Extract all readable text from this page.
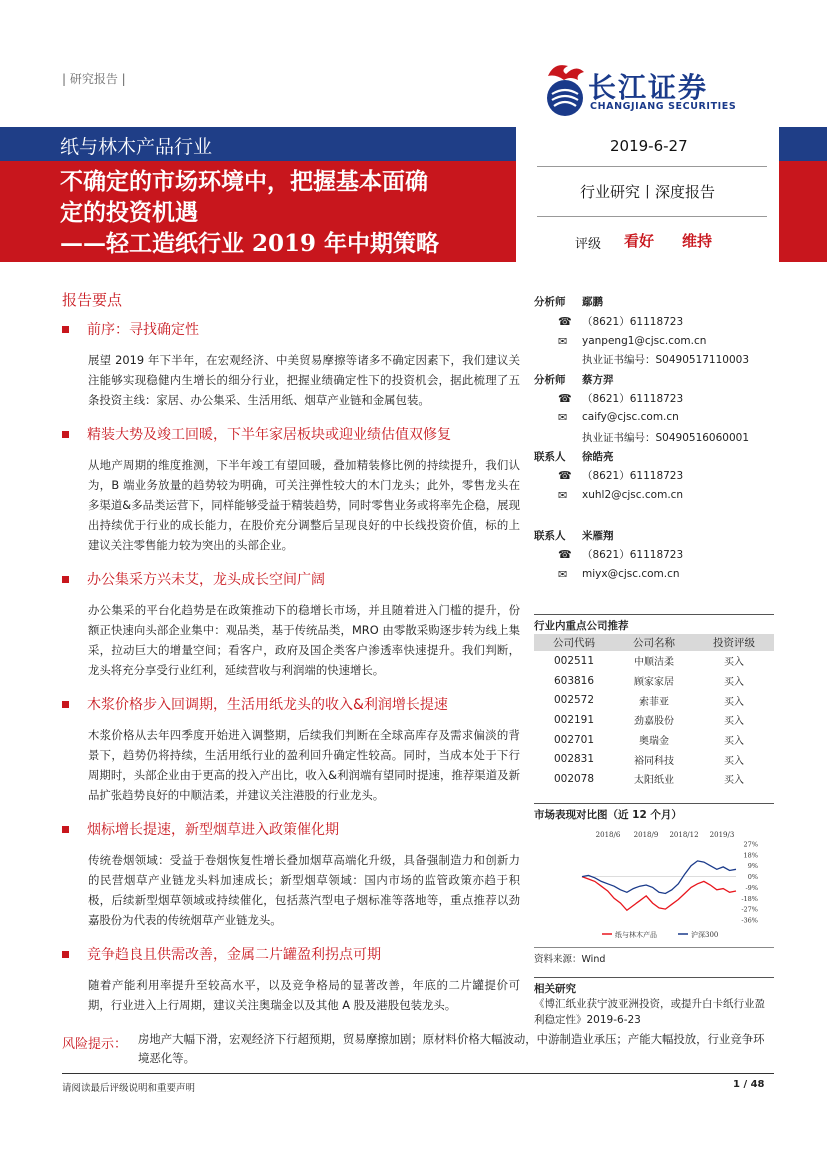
| 研究报告 |	长江证券
CHANGJIANG SECURITIES
纸与林木产品行业
不确定的市场环境中，把握基本面确
定的投资机遇
——轻工造纸行业 2019 年中期策略
2019-6-27
行业研究丨深度报告
评级 看好 维持
报告要点
前序：寻找确定性
展望 2019 年下半年，在宏观经济、中美贸易摩擦等诸多不确定因素下，我们建议关注能够实现稳健内生增长的细分行业，把握业绩确定性下的投资机会，据此梳理了五条投资主线：家居、办公集采、生活用纸、烟草产业链和金属包装。
精装大势及竣工回暖，下半年家居板块或迎业绩估值双修复
从地产周期的维度推测，下半年竣工有望回暖，叠加精装修比例的持续提升，我们认为，B 端业务放量的趋势较为明确，可关注弹性较大的木门龙头；此外，零售龙头在多渠道&多品类运营下，同样能够受益于精装趋势，同时零售业务或将率先企稳，展现出持续优于行业的成长能力，在股价充分调整后呈现良好的中长线投资价值，标的上建议关注零售能力较为突出的头部企业。
办公集采方兴未艾，龙头成长空间广阔
办公集采的平台化趋势是在政策推动下的稳增长市场，并且随着进入门槛的提升，份额正快速向头部企业集中：观品类，基于传统品类，MRO 由零散采购逐步转为线上集采，拉动巨大的增量空间；看客户，政府及国企类客户渗透率快速提升。我们判断，龙头将充分享受行业红利，延续营收与利润端的快速增长。
木浆价格步入回调期，生活用纸龙头的收入&利润增长提速
木浆价格从去年四季度开始进入调整期，后续我们判断在全球高库存及需求偏淡的背景下，趋势仍将持续，生活用纸行业的盈利回升确定性较高。同时，当成本处于下行周期时，头部企业由于更高的投入产出比，收入&利润端有望同时提速，推荐渠道及新品扩张趋势良好的中顺洁柔，并建议关注港股的行业龙头。
烟标增长提速，新型烟草进入政策催化期
传统卷烟领域：受益于卷烟恢复性增长叠加烟草高端化升级，具备强制造力和创新力的民营烟草产业链龙头料加速成长；新型烟草领域：国内市场的监管政策亦趋于积极，后续新型烟草领域或持续催化，包括蒸汽型电子烟标准等落地等，重点推荐以劲嘉股份为代表的传统烟草产业链龙头。
竞争趋良且供需改善，金属二片罐盈利拐点可期
随着产能利用率提升至较高水平，以及竞争格局的显著改善，年底的二片罐提价可期，行业进入上行周期，建议关注奥瑞金以及其他 A 股及港股包装龙头。
分析师	鄢鹏
☎ （8621）61118723
✉ yanpeng1@cjsc.com.cn
执业证书编号：S0490517110003
分析师	蔡方羿
☎ （8621）61118723
✉ caify@cjsc.com.cn
执业证书编号：S0490516060001
联系人	徐皓亮
☎ （8621）61118723
✉ xuhl2@cjsc.com.cn
联系人	米雁翔
☎ （8621）61118723
✉ miyx@cjsc.com.cn
行业内重点公司推荐
公司代码	公司名称	投资评级
002511	中顺洁柔	买入
603816	顾家家居	买入
002572	索菲亚	买入
002191	劲嘉股份	买入
002701	奥瑞金	买入
002831	裕同科技	买入
002078	太阳纸业	买入
市场表现对比图（近 12 个月）
2018/6 2018/9 2018/12 2019/3
27%
18%
9%
0%
-9%
-18%
-27%
-36%
纸与林木产品	沪深300
资料来源：Wind
相关研究
《博汇纸业获宁波亚洲投资，或提升白卡纸行业盈利稳定性》2019-6-23
风险提示： 房地产大幅下滑，宏观经济下行超预期，贸易摩擦加剧；原材料价格大幅波动，中游制造业承压；产能大幅投放，行业竞争环境恶化等。
请阅读最后评级说明和重要声明	1 / 48
